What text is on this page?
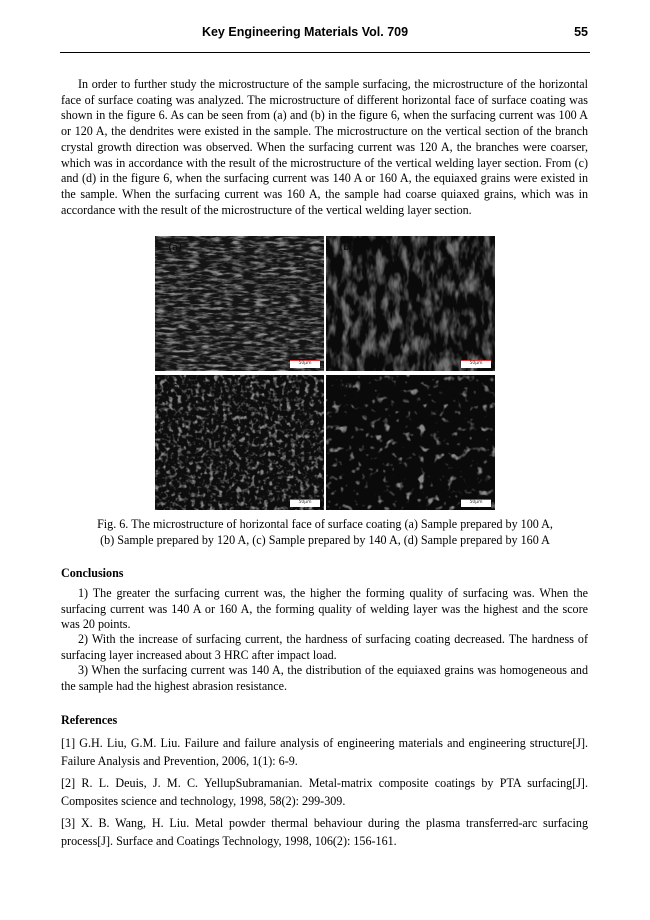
Key Engineering Materials Vol. 709	55

In order to further study the microstructure of the sample surfacing, the microstructure of the horizontal face of surface coating was analyzed. The microstructure of different horizontal face of surface coating was shown in the figure 6. As can be seen from (a) and (b) in the figure 6, when the surfacing current was 100 A or 120 A, the dendrites were existed in the sample. The microstructure on the vertical section of the branch crystal growth direction was observed. When the surfacing current was 120 A, the branches were coarser, which was in accordance with the result of the microstructure of the vertical welding layer section. From (c) and (d) in the figure 6, when the surfacing current was 140 A or 160 A, the equiaxed grains were existed in the sample. When the surfacing current was 160 A, the sample had coarse quiaxed grains, which was in accordance with the result of the microstructure of the vertical welding layer section.

(a)
50μm
(b)
50μm
(c)
50μm
(d)
50μm
Fig. 6. The microstructure of horizontal face of surface coating (a) Sample prepared by 100 A,
(b) Sample prepared by 120 A, (c) Sample prepared by 140 A, (d) Sample prepared by 160 A
Conclusions

1) The greater the surfacing current was, the higher the forming quality of surfacing was. When the surfacing current was 140 A or 160 A, the forming quality of welding layer was the highest and the score was 20 points.

2) With the increase of surfacing current, the hardness of surfacing coating decreased. The hardness of surfacing layer increased about 3 HRC after impact load.

3) When the surfacing current was 140 A, the distribution of the equiaxed grains was homogeneous and the sample had the highest abrasion resistance.

References

[1] G.H. Liu, G.M. Liu. Failure and failure analysis of engineering materials and engineering structure[J]. Failure Analysis and Prevention, 2006, 1(1): 6-9.

[2] R. L. Deuis, J. M. C. YellupSubramanian. Metal-matrix composite coatings by PTA surfacing[J]. Composites science and technology, 1998, 58(2): 299-309.

[3] X. B. Wang, H. Liu. Metal powder thermal behaviour during the plasma transferred-arc surfacing process[J]. Surface and Coatings Technology, 1998, 106(2): 156-161.
